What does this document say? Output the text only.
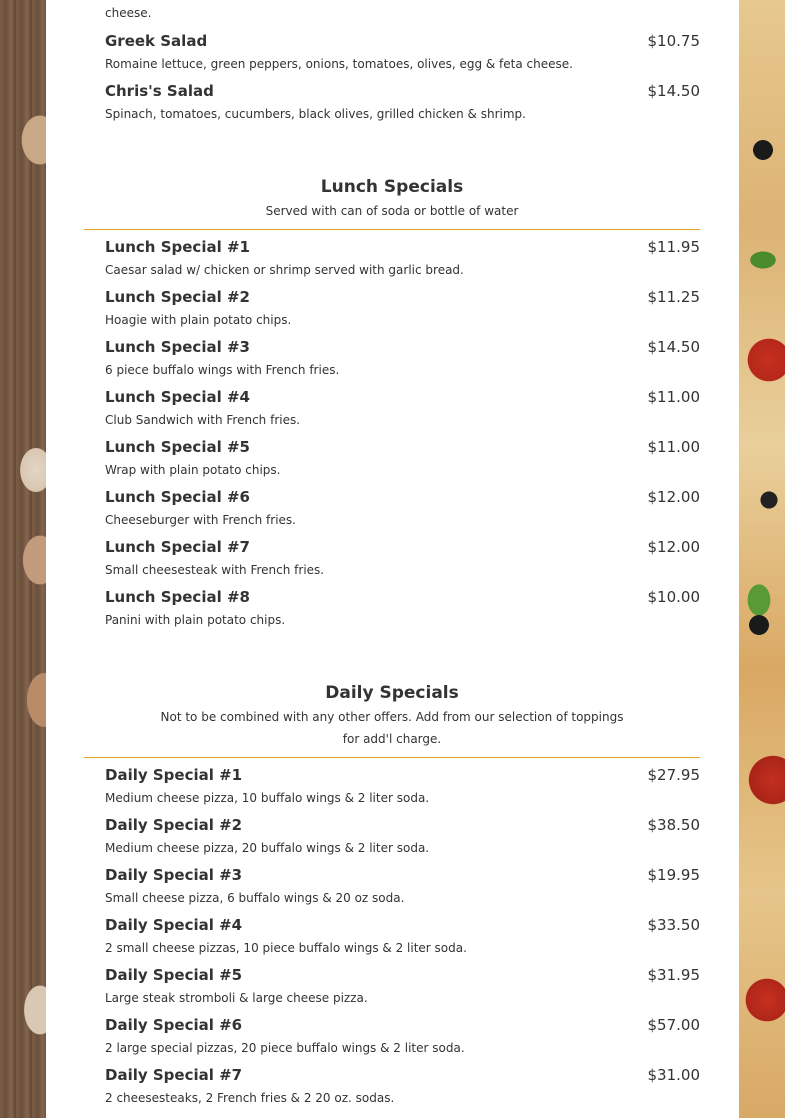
cheese.
Greek Salad	$10.75
Romaine lettuce, green peppers, onions, tomatoes, olives, egg & feta cheese.
Chris's Salad	$14.50
Spinach, tomatoes, cucumbers, black olives, grilled chicken & shrimp.
Lunch Specials
Served with can of soda or bottle of water
Lunch Special #1	$11.95
Caesar salad w/ chicken or shrimp served with garlic bread.
Lunch Special #2	$11.25
Hoagie with plain potato chips.
Lunch Special #3	$14.50
6 piece buffalo wings with French fries.
Lunch Special #4	$11.00
Club Sandwich with French fries.
Lunch Special #5	$11.00
Wrap with plain potato chips.
Lunch Special #6	$12.00
Cheeseburger with French fries.
Lunch Special #7	$12.00
Small cheesesteak with French fries.
Lunch Special #8	$10.00
Panini with plain potato chips.
Daily Specials
Not to be combined with any other offers. Add from our selection of toppings
for add'l charge.
Daily Special #1	$27.95
Medium cheese pizza, 10 buffalo wings & 2 liter soda.
Daily Special #2	$38.50
Medium cheese pizza, 20 buffalo wings & 2 liter soda.
Daily Special #3	$19.95
Small cheese pizza, 6 buffalo wings & 20 oz soda.
Daily Special #4	$33.50
2 small cheese pizzas, 10 piece buffalo wings & 2 liter soda.
Daily Special #5	$31.95
Large steak stromboli & large cheese pizza.
Daily Special #6	$57.00
2 large special pizzas, 20 piece buffalo wings & 2 liter soda.
Daily Special #7	$31.00
2 cheesesteaks, 2 French fries & 2 20 oz. sodas.
